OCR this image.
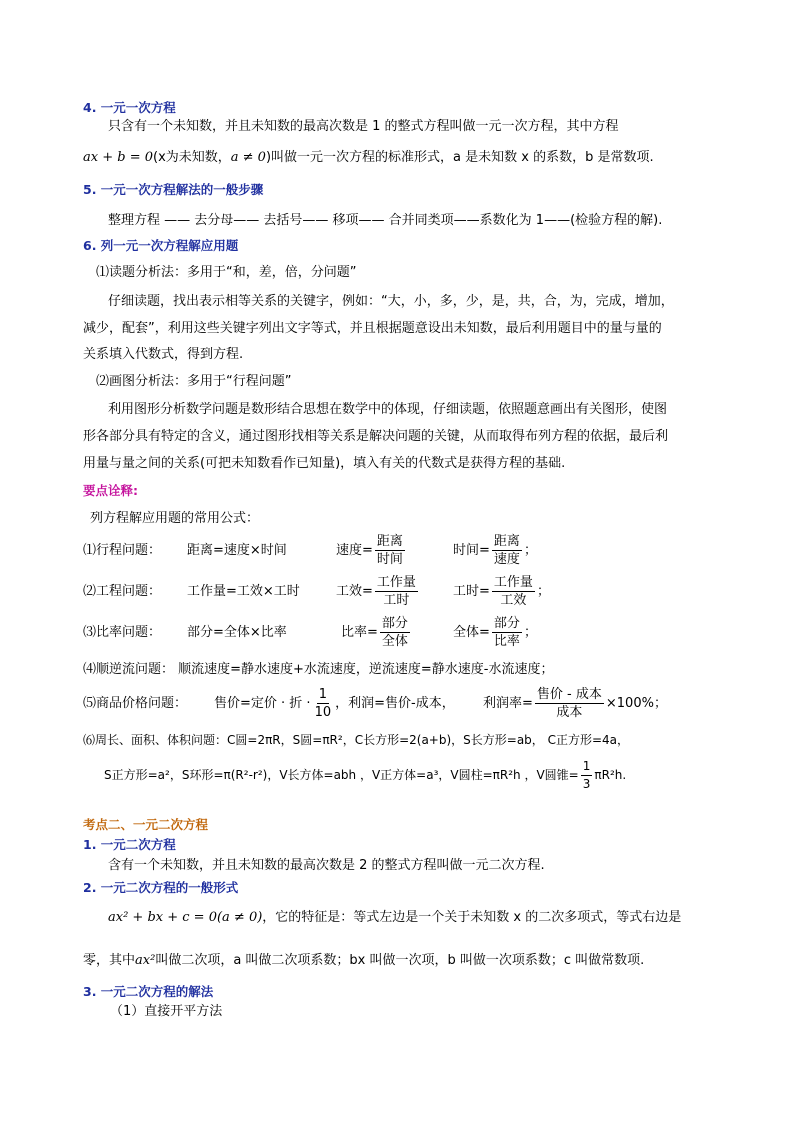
4. 一元一次方程
只含有一个未知数，并且未知数的最高次数是 1 的整式方程叫做一元一次方程，其中方程
ax + b = 0(x为未知数，a ≠ 0)叫做一元一次方程的标准形式，a 是未知数 x 的系数，b 是常数项.
5. 一元一次方程解法的一般步骤
整理方程 —— 去分母—— 去括号—— 移项—— 合并同类项——系数化为 1——(检验方程的解).
6. 列一元一次方程解应用题
⑴读题分析法：多用于“和，差，倍，分问题”
仔细读题，找出表示相等关系的关键字，例如：“大，小，多，少，是，共，合，为，完成，增加，
减少，配套”，利用这些关键字列出文字等式，并且根据题意设出未知数，最后利用题目中的量与量的
关系填入代数式，得到方程.
⑵画图分析法：多用于“行程问题”
利用图形分析数学问题是数形结合思想在数学中的体现，仔细读题，依照题意画出有关图形，使图
形各部分具有特定的含义，通过图形找相等关系是解决问题的关键，从而取得布列方程的依据，最后利
用量与量之间的关系(可把未知数看作已知量)，填入有关的代数式是获得方程的基础.
要点诠释:
列方程解应用题的常用公式：
⑴行程问题： 距离=速度×时间	速度=
距离
时间
时间=
距离
速度
；
⑵工程问题： 工作量=工效×工时	工效=
工作量
工时
工时=
工作量
工效
；
⑶比率问题： 部分=全体×比率	比率=
部分
全体
全体=
部分
比率
；
⑷顺逆流问题： 顺流速度=静水速度+水流速度，逆流速度=静水速度-水流速度；
⑸商品价格问题： 售价=定价 · 折 · $\frac{1}{10}$ ，利润=售价-成本， 利润率=
售价 - 成本
成本
×100%；
⑹周长、面积、体积问题：C圆=2πR，S圆=πR²，C长方形=2(a+b)，S长方形=ab， C正方形=4a，
S正方形=a²，S环形=π(R²-r²)，V长方体=abh ，V正方体=a³，V圆柱=πR²h ，V圆锥= $\frac{1}{3} \pi R^2h$.
考点二、一元二次方程
1. 一元二次方程
含有一个未知数，并且未知数的最高次数是 2 的整式方程叫做一元二次方程.
2. 一元二次方程的一般形式
ax² + bx + c = 0(a ≠ 0)，它的特征是：等式左边是一个关于未知数 x 的二次多项式，等式右边是
零，其中ax²叫做二次项，a 叫做二次项系数；bx 叫做一次项，b 叫做一次项系数；c 叫做常数项.
3. 一元二次方程的解法
（1）直接开平方法
